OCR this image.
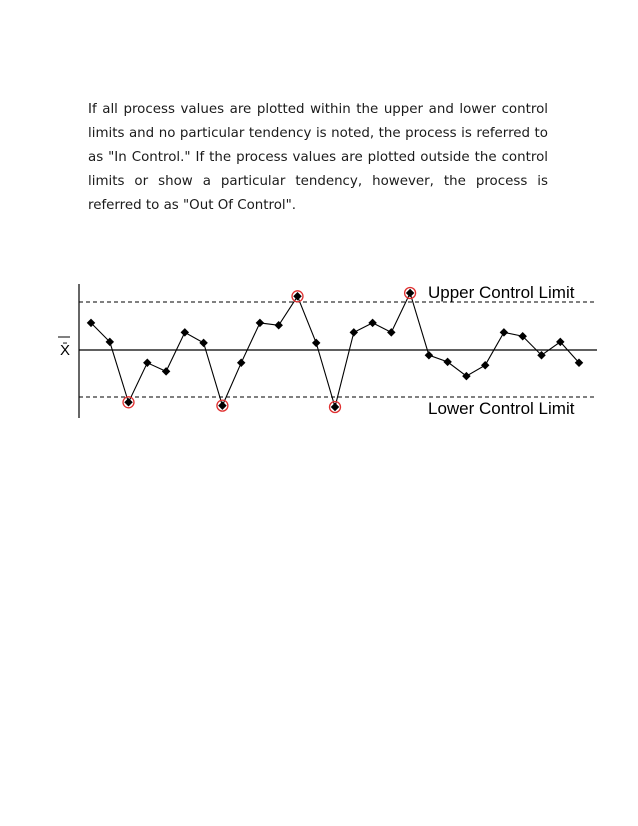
If all process values are plotted within the upper and lower control limits and no particular tendency is noted, the process is referred to as "In Control." If the process values are plotted outside the control limits or show a particular tendency, however, the process is referred to as "Out Of Control".

X̄
Upper Control Limit
Lower Control Limit
